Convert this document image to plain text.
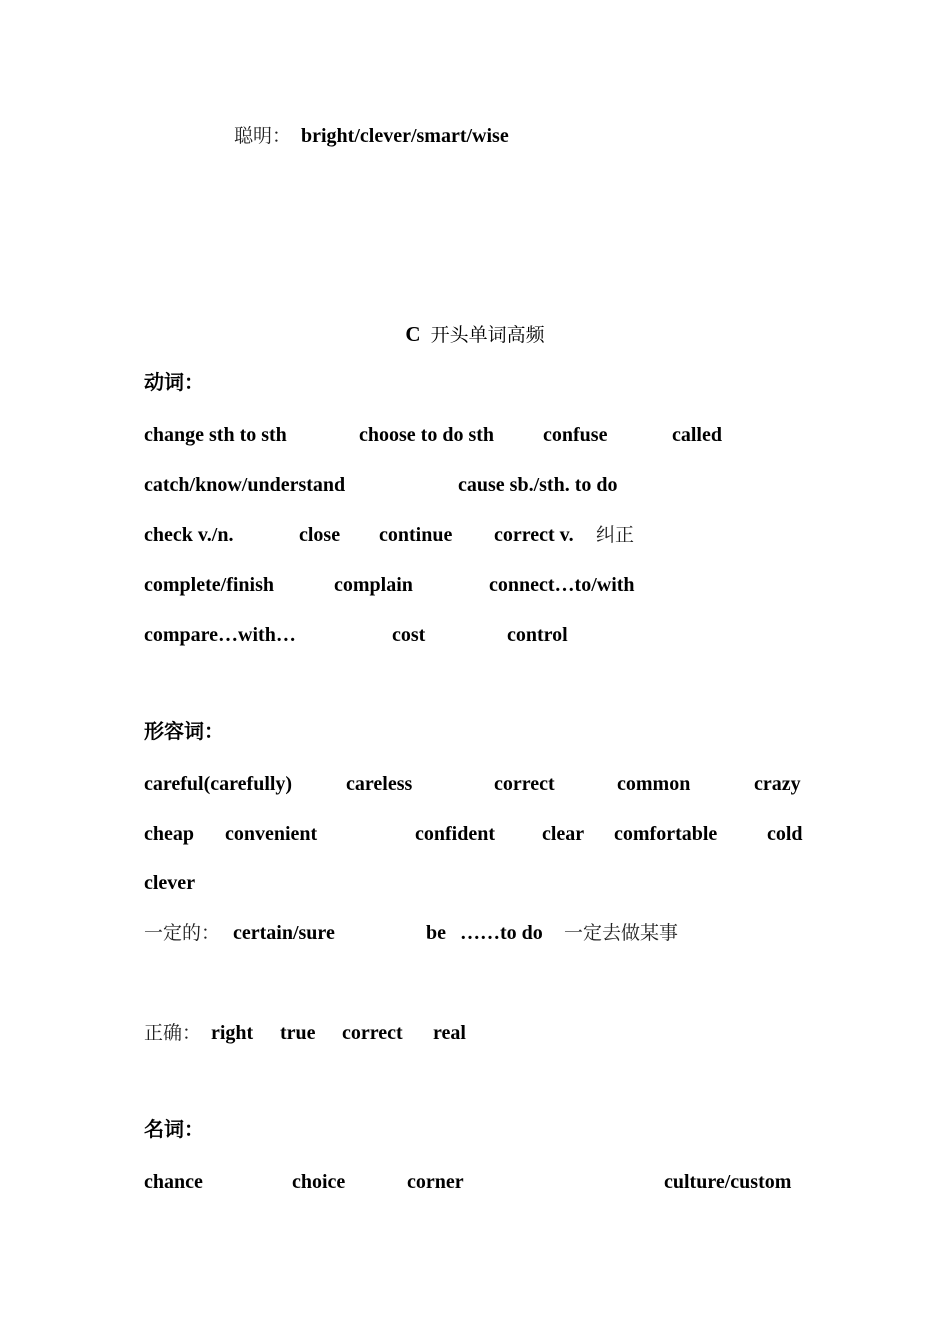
聪明： bright/clever/smart/wise
C 开头单词高频
动词：
change sth to sth	choose to do sth confuse	called
catch/know/understand	cause sb./sth. to do
check v./n.	close continue correct v. 纠正
complete/finish	complain	connect…to/with
compare…with…	cost	control
形容词：
careful(carefully)	careless	correct	common	crazy
cheap convenient	confident clear comfortable cold
clever
一定的： certain/sure	be ……to do 一定去做某事
正确： right true correct real
名词：
chance	choice	corner	culture/custom
